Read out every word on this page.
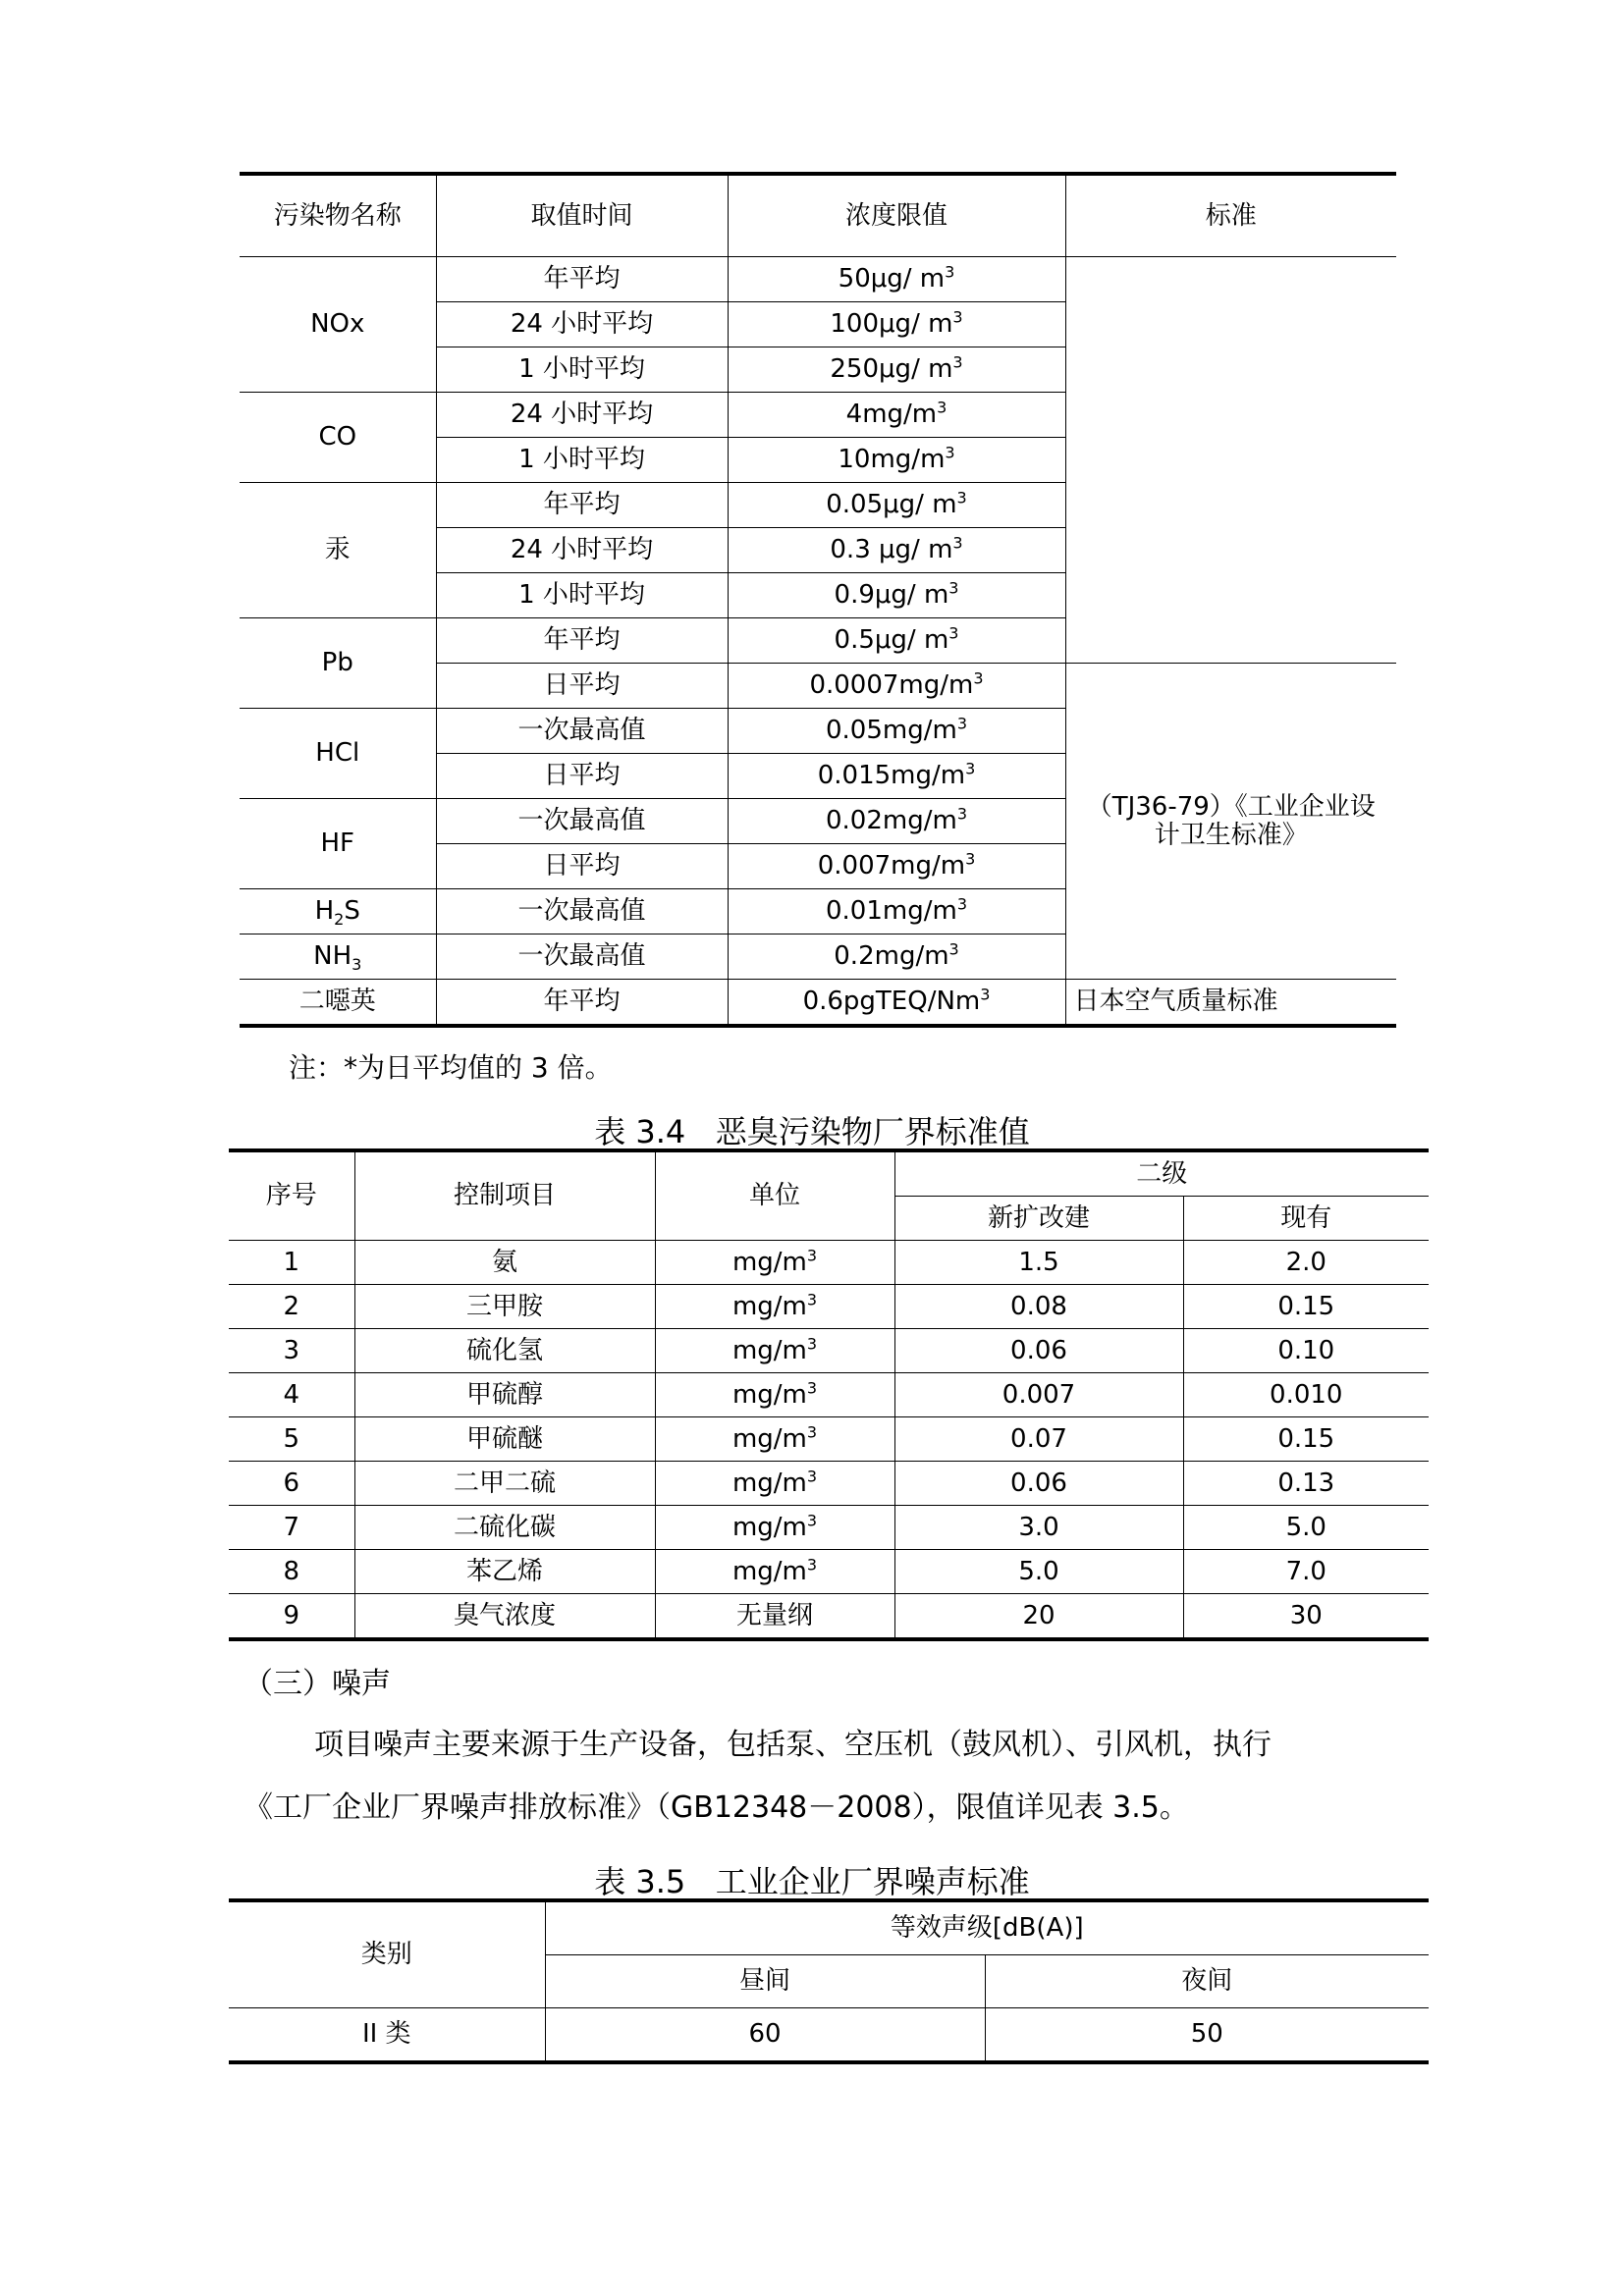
污染物名称	取值时间	浓度限值	标准
NOx	年平均	50μg/ $m^3$	
	24 小时平均	100μg/ $m^3$
	1 小时平均	250μg/ $m^3$
CO	24 小时平均	$4mg/m^3$
	1 小时平均	$10mg/m^3$
汞	年平均	0.05μg/ $m^3$
	24 小时平均	0.3 μg/ $m^3$
	1 小时平均	0.9μg/ $m^3$
Pb	年平均	0.5μg/ $m^3$
	日平均	$0.0007mg/m^3$	（TJ36-79）《工业企业设计卫生标准》
HCl	一次最高值	$0.05mg/m^3$
	日平均	$0.015mg/m^3$
HF	一次最高值	$0.02mg/m^3$
	日平均	$0.007mg/m^3$
$H_2S$	一次最高值	$0.01mg/m^3$
$NH_3$	一次最高值	$0.2mg/m^3$
二噁英	年平均	0.6pgTEQ/Nm$^3$	日本空气质量标准
注：*为日平均值的 3 倍。
表 3.4   恶臭污染物厂界标准值
序号	控制项目	单位	二级	
			新扩改建	现有
1	氨	$mg/m^3$	1.5	2.0
2	三甲胺	$mg/m^3$	0.08	0.15
3	硫化氢	$mg/m^3$	0.06	0.10
4	甲硫醇	$mg/m^3$	0.007	0.010
5	甲硫醚	$mg/m^3$	0.07	0.15
6	二甲二硫	$mg/m^3$	0.06	0.13
7	二硫化碳	$mg/m^3$	3.0	5.0
8	苯乙烯	$mg/m^3$	5.0	7.0
9	臭气浓度	无量纲	20	30
（三）噪声
项目噪声主要来源于生产设备，包括泵、空压机（鼓风机）、引风机，执行
《工厂企业厂界噪声排放标准》（GB12348－2008），限值详见表 3.5。
表 3.5   工业企业厂界噪声标准
类别	等效声级[dB(A)]	
	昼间	夜间
II 类	60	50
